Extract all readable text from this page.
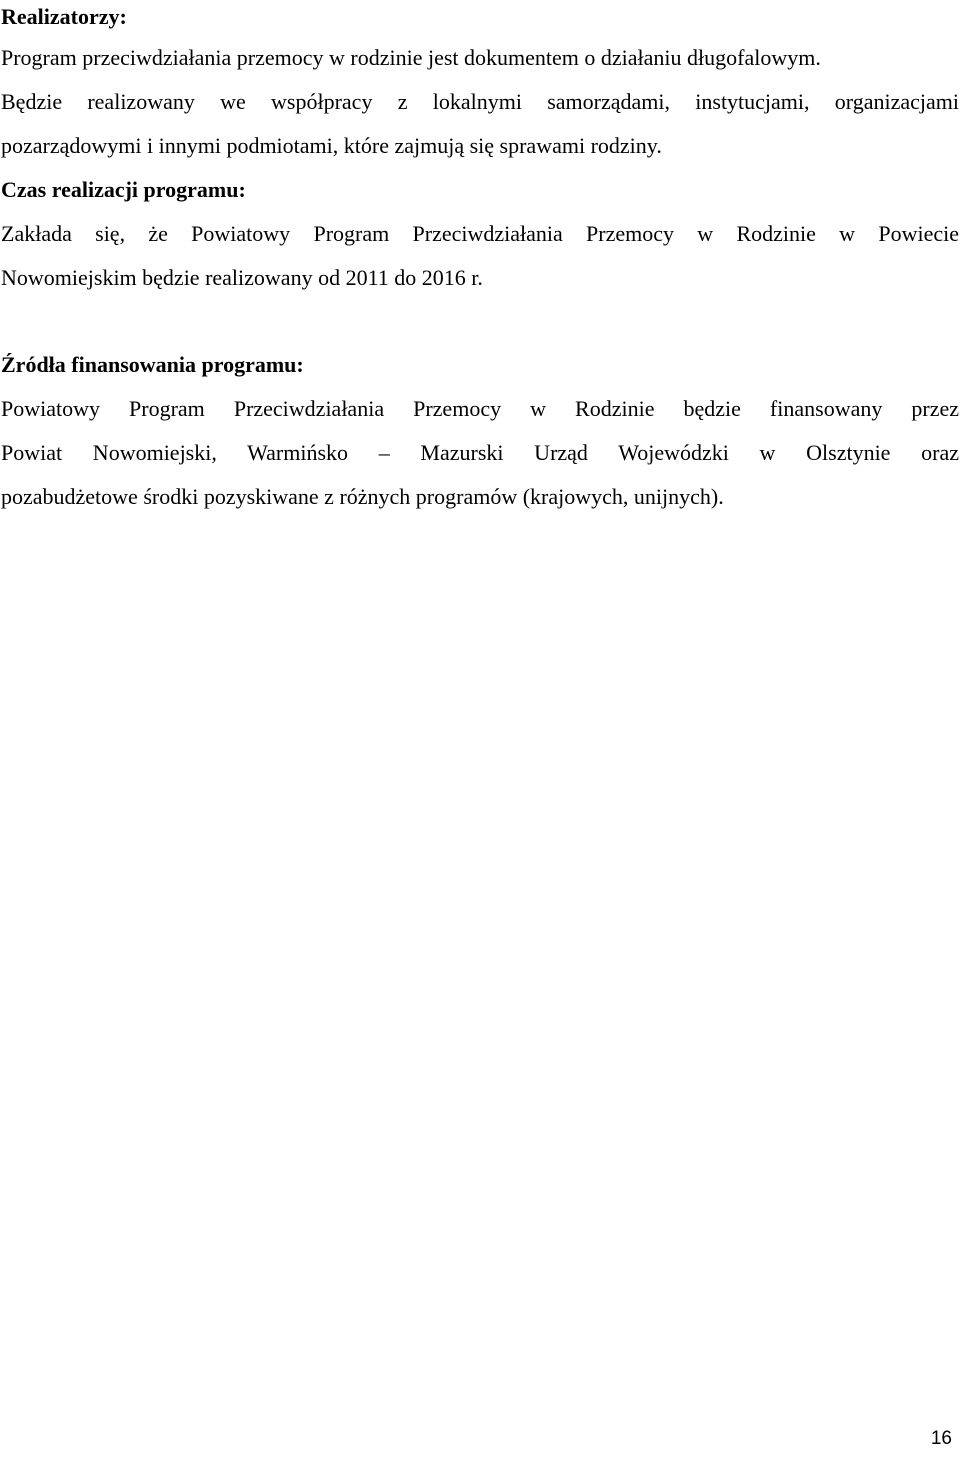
Realizatorzy:
Program przeciwdziałania przemocy w rodzinie jest dokumentem o działaniu długofalowym.
Będzie realizowany we współpracy z lokalnymi samorządami, instytucjami, organizacjami
pozarządowymi i innymi podmiotami, które zajmują się sprawami rodziny.
Czas realizacji programu:
Zakłada się, że Powiatowy Program Przeciwdziałania Przemocy w Rodzinie w Powiecie
Nowomiejskim będzie realizowany od 2011 do 2016 r.
Źródła finansowania programu:
Powiatowy Program Przeciwdziałania Przemocy w Rodzinie będzie finansowany przez
Powiat Nowomiejski, Warmińsko – Mazurski Urząd Wojewódzki w Olsztynie oraz
pozabudżetowe środki pozyskiwane z różnych programów (krajowych, unijnych).
16
